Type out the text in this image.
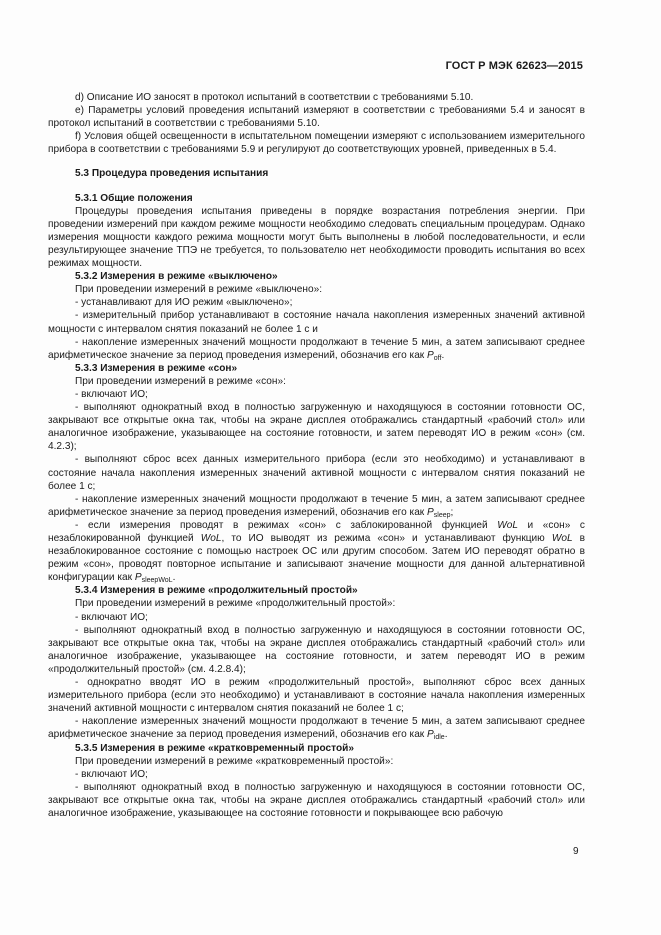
ГОСТ Р МЭК 62623—2015

d) Описание ИО заносят в протокол испытаний в соответствии с требованиями 5.10.

e) Параметры условий проведения испытаний измеряют в соответствии с требованиями 5.4 и заносят в протокол испытаний в соответствии с требованиями 5.10.

f) Условия общей освещенности в испытательном помещении измеряют с использованием измерительного прибора в соответствии с требованиями 5.9 и регулируют до соответствующих уровней, приведенных в 5.4.

5.3 Процедура проведения испытания

5.3.1 Общие положения

Процедуры проведения испытания приведены в порядке возрастания потребления энергии. При проведении измерений при каждом режиме мощности необходимо следовать специальным процедурам. Однако измерения мощности каждого режима мощности могут быть выполнены в любой последовательности, и если результирующее значение ТПЭ не требуется, то пользователю нет необходимости проводить испытания во всех режимах мощности.

5.3.2 Измерения в режиме «выключено»

При проведении измерений в режиме «выключено»:

- устанавливают для ИО режим «выключено»;

- измерительный прибор устанавливают в состояние начала накопления измеренных значений активной мощности с интервалом снятия показаний не более 1 с и

- накопление измеренных значений мощности продолжают в течение 5 мин, а затем записывают среднее арифметическое значение за период проведения измерений, обозначив его как $P_{off}$.

5.3.3 Измерения в режиме «сон»

При проведении измерений в режиме «сон»:

- включают ИО;

- выполняют однократный вход в полностью загруженную и находящуюся в состоянии готовности ОС, закрывают все открытые окна так, чтобы на экране дисплея отображались стандартный «рабочий стол» или аналогичное изображение, указывающее на состояние готовности, и затем переводят ИО в режим «сон» (см. 4.2.3);

- выполняют сброс всех данных измерительного прибора (если это необходимо) и устанавливают в состояние начала накопления измеренных значений активной мощности с интервалом снятия показаний не более 1 с;

- накопление измеренных значений мощности продолжают в течение 5 мин, а затем записывают среднее арифметическое значение за период проведения измерений, обозначив его как $P_{sleep}$;

- если измерения проводят в режимах «сон» с заблокированной функцией WoL и «сон» с незаблокированной функцией WoL, то ИО выводят из режима «сон» и устанавливают функцию WoL в незаблокированное состояние с помощью настроек ОС или другим способом. Затем ИО переводят обратно в режим «сон», проводят повторное испытание и записывают значение мощности для данной альтернативной конфигурации как $P_{sleepWoL}$.

5.3.4 Измерения в режиме «продолжительный простой»

При проведении измерений в режиме «продолжительный простой»:

- включают ИО;

- выполняют однократный вход в полностью загруженную и находящуюся в состоянии готовности ОС, закрывают все открытые окна так, чтобы на экране дисплея отображались стандартный «рабочий стол» или аналогичное изображение, указывающее на состояние готовности, и затем переводят ИО в режим «продолжительный простой» (см. 4.2.8.4);

- однократно вводят ИО в режим «продолжительный простой», выполняют сброс всех данных измерительного прибора (если это необходимо) и устанавливают в состояние начала накопления измеренных значений активной мощности с интервалом снятия показаний не более 1 с;

- накопление измеренных значений мощности продолжают в течение 5 мин, а затем записывают среднее арифметическое значение за период проведения измерений, обозначив его как $P_{idle}$.

5.3.5 Измерения в режиме «кратковременный простой»

При проведении измерений в режиме «кратковременный простой»:

- включают ИО;

- выполняют однократный вход в полностью загруженную и находящуюся в состоянии готовности ОС, закрывают все открытые окна так, чтобы на экране дисплея отображались стандартный «рабочий стол» или аналогичное изображение, указывающее на состояние готовности и покрывающее всю рабочую

9
